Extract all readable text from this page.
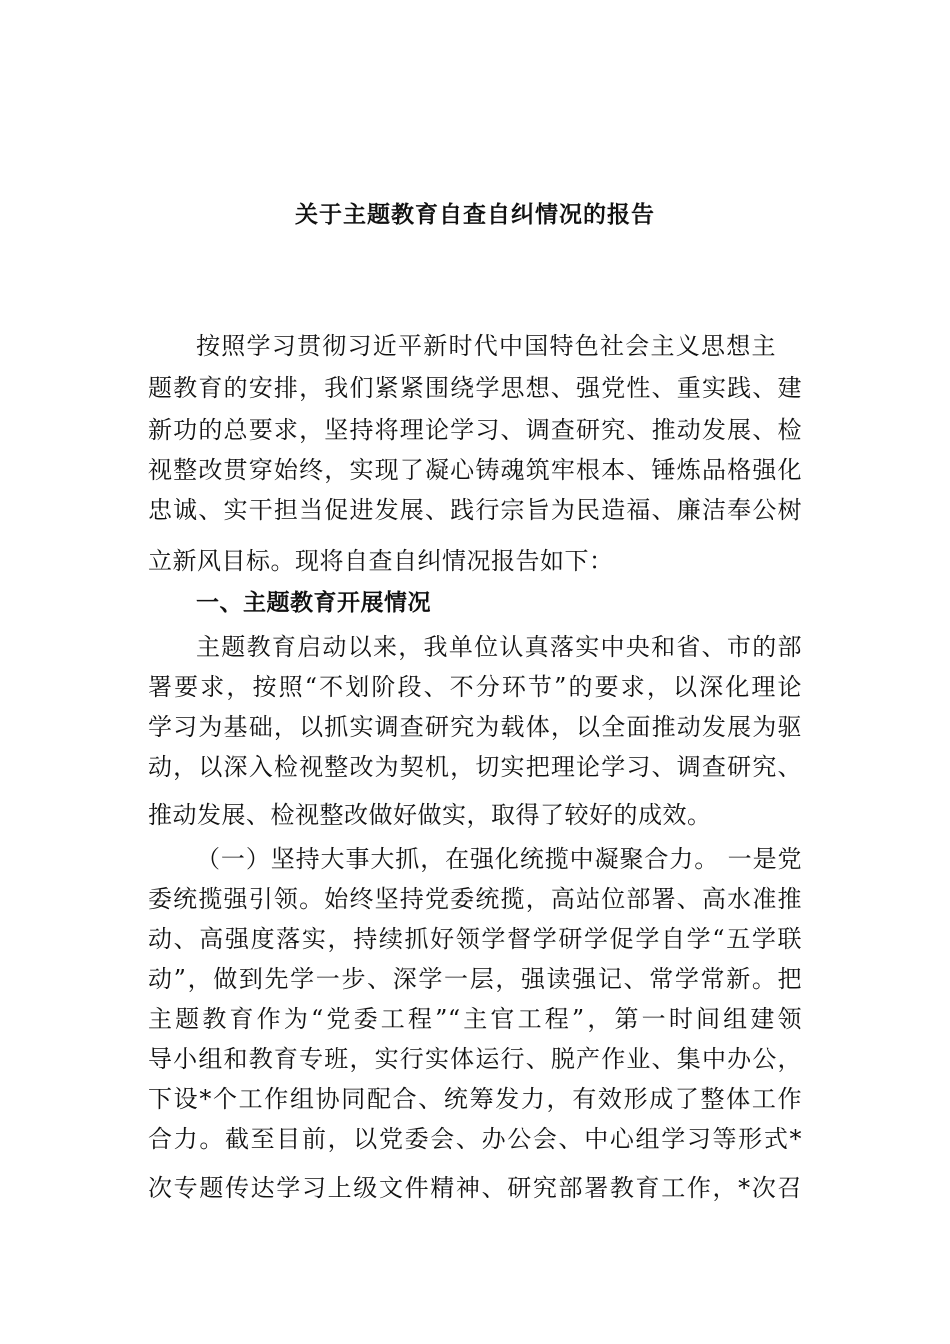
关于主题教育自查自纠情况的报告
按照学习贯彻习近平新时代中国特色社会主义思想主
题教育的安排，我们紧紧围绕学思想、强党性、重实践、建
新功的总要求，坚持将理论学习、调查研究、推动发展、检
视整改贯穿始终，实现了凝心铸魂筑牢根本、锤炼品格强化
忠诚、实干担当促进发展、践行宗旨为民造福、廉洁奉公树
立新风目标。现将自查自纠情况报告如下：
一、主题教育开展情况
主题教育启动以来，我单位认真落实中央和省、市的部
署要求，按照“不划阶段、不分环节”的要求，以深化理论
学习为基础，以抓实调查研究为载体，以全面推动发展为驱
动，以深入检视整改为契机，切实把理论学习、调查研究、
推动发展、检视整改做好做实，取得了较好的成效。
（一）坚持大事大抓，在强化统揽中凝聚合力。 一是党
委统揽强引领。始终坚持党委统揽，高站位部署、高水准推
动、高强度落实，持续抓好领学督学研学促学自学“五学联
动”，做到先学一步、深学一层，强读强记、常学常新。把
主题教育作为“党委工程”“主官工程”，第一时间组建领
导小组和教育专班，实行实体运行、脱产作业、集中办公，
下设*个工作组协同配合、统筹发力，有效形成了整体工作
合力。截至目前，以党委会、办公会、中心组学习等形式*
次专题传达学习上级文件精神、研究部署教育工作，*次召
